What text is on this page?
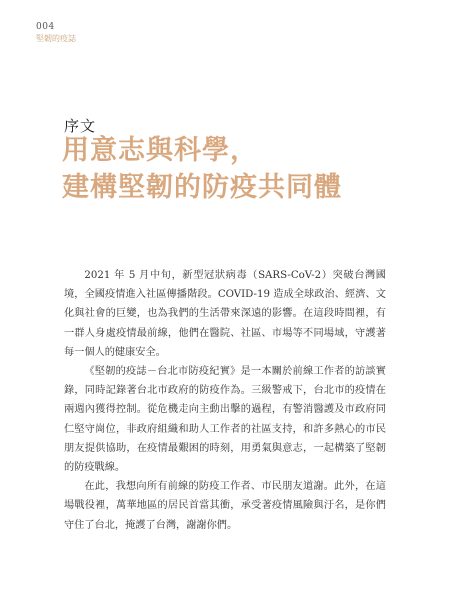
004
堅韌的疫誌
序文
用意志與科學，
建構堅韌的防疫共同體

2021 年 5 月中旬，新型冠狀病毒（SARS-CoV-2）突破台灣國境，全國疫情進入社區傳播階段。COVID-19 造成全球政治、經濟、文化與社會的巨變，也為我們的生活帶來深遠的影響。在這段時間裡，有一群人身處疫情最前線，他們在醫院、社區、市場等不同場域，守護著每一個人的健康安全。

《堅韌的疫誌－台北市防疫紀實》是一本關於前線工作者的訪談實錄，同時記錄著台北市政府的防疫作為。三級警戒下，台北市的疫情在兩週內獲得控制。從危機走向主動出擊的過程，有警消醫護及市政府同仁堅守崗位，非政府組織和助人工作者的社區支持，和許多熱心的市民朋友提供協助，在疫情最艱困的時刻，用勇氣與意志，一起構築了堅韌的防疫戰線。

在此，我想向所有前線的防疫工作者、市民朋友道謝。此外，在這場戰役裡，萬華地區的居民首當其衝，承受著疫情風險與汙名，是你們守住了台北，掩護了台灣，謝謝你們。
